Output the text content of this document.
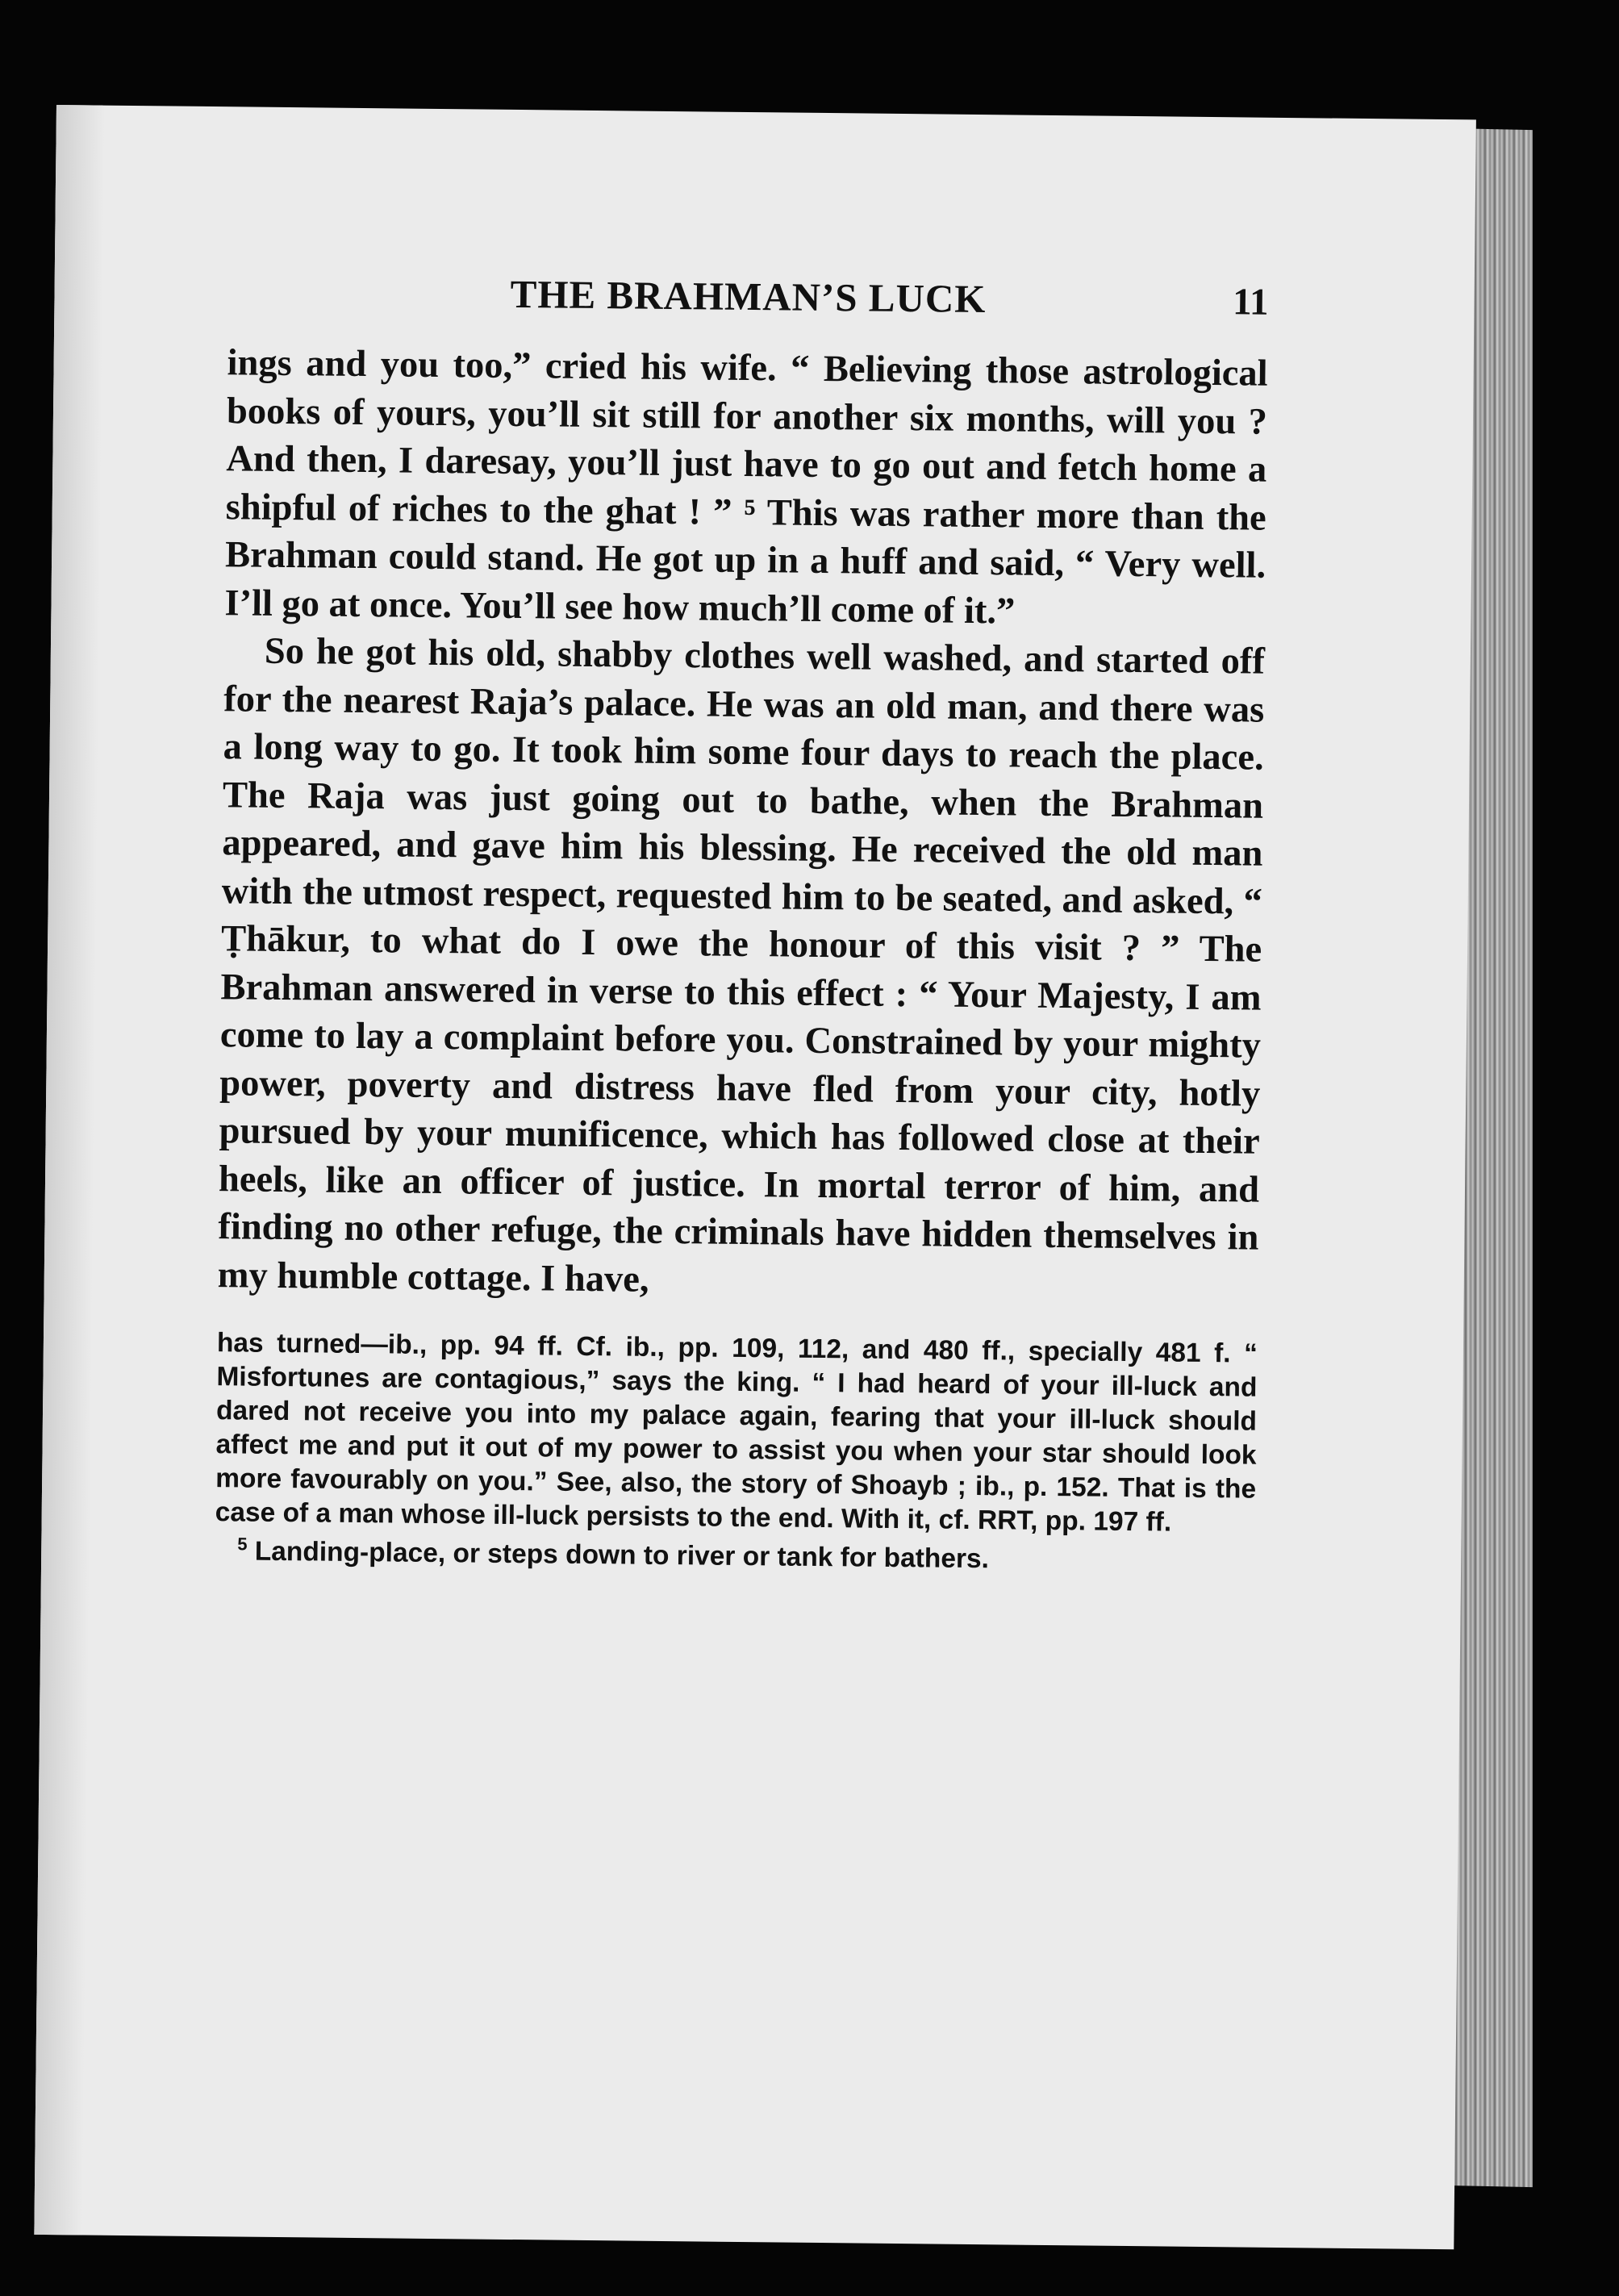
THE BRAHMAN’S LUCK	11

ings and you too,” cried his wife. “ Believing those astrological books of yours, you’ll sit still for another six months, will you ? And then, I daresay, you’ll just have to go out and fetch home a shipful of riches to the ghat ! ” ⁵ This was rather more than the Brahman could stand. He got up in a huff and said, “ Very well. I’ll go at once. You’ll see how much’ll come of it.”

So he got his old, shabby clothes well washed, and started off for the nearest Raja’s palace. He was an old man, and there was a long way to go. It took him some four days to reach the place. The Raja was just going out to bathe, when the Brahman appeared, and gave him his blessing. He received the old man with the utmost respect, requested him to be seated, and asked, “ Ṭhākur, to what do I owe the honour of this visit ? ” The Brahman answered in verse to this effect : “ Your Majesty, I am come to lay a complaint before you. Constrained by your mighty power, poverty and distress have fled from your city, hotly pursued by your munificence, which has followed close at their heels, like an officer of justice. In mortal terror of him, and finding no other refuge, the criminals have hidden themselves in my humble cottage. I have,

has turned—ib., pp. 94 ff. Cf. ib., pp. 109, 112, and 480 ff., specially 481 f. “ Misfortunes are contagious,” says the king. “ I had heard of your ill-luck and dared not receive you into my palace again, fearing that your ill-luck should affect me and put it out of my power to assist you when your star should look more favourably on you.” See, also, the story of Shoayb ; ib., p. 152. That is the case of a man whose ill-luck persists to the end. With it, cf. RRT, pp. 197 ff.

$^5$ Landing-place, or steps down to river or tank for bathers.
